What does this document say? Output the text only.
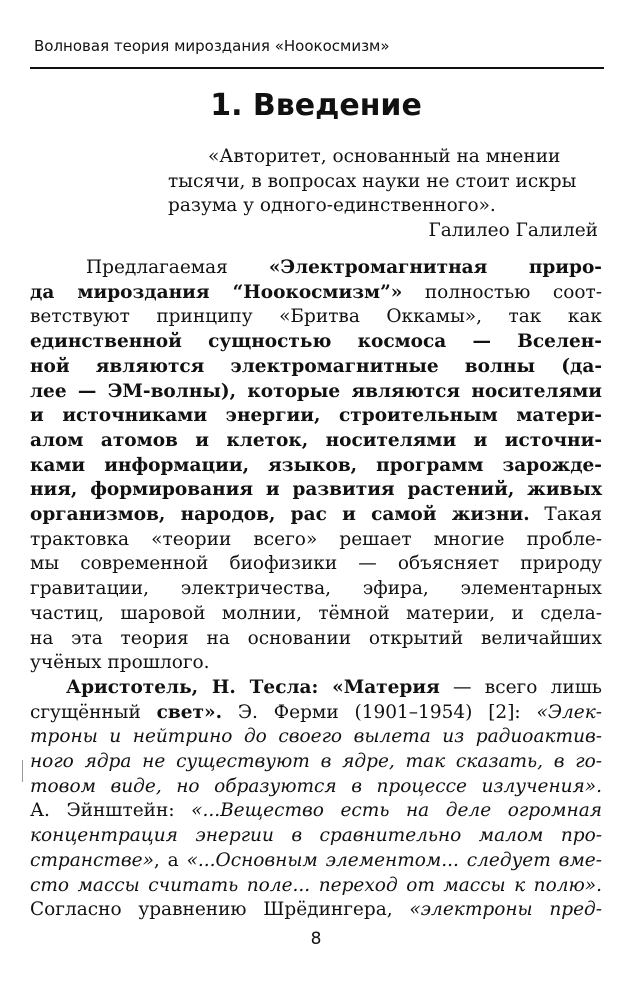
Волновая теория мироздания «Ноокосмизм»
1. Введение
«Авторитет, основанный на мнении
тысячи, в вопросах науки не стоит искры
разума у одного-единственного».
Галилео Галилей
Предлагаемая «Электромагнитная приро-
да мироздания “Ноокосмизм”» полностью соот-
ветствуют принципу «Бритва Оккамы», так как
единственной сущностью космоса — Вселен-
ной являются электромагнитные волны (да-
лее — ЭМ-волны), которые являются носителями
и источниками энергии, строительным матери-
алом атомов и клеток, носителями и источни-
ками информации, языков, программ зарожде-
ния, формирования и развития растений, живых
организмов, народов, рас и самой жизни. Такая
трактовка «теории всего» решает многие пробле-
мы современной биофизики — объясняет природу
гравитации, электричества, эфира, элементарных
частиц, шаровой молнии, тёмной материи, и сдела-
на эта теория на основании открытий величайших
учёных прошлого.
Аристотель, Н. Тесла: «Материя — всего лишь
сгущённый свет». Э. Ферми (1901–1954) [2]: «Элек-
троны и нейтрино до своего вылета из радиоактив-
ного ядра не существуют в ядре, так сказать, в го-
товом виде, но образуются в процессе излучения».
А. Эйнштейн: «...Вещество есть на деле огромная
концентрация энергии в сравнительно малом про-
странстве», а «...Основным элементом... следует вме-
сто массы считать поле... переход от массы к полю».
Согласно уравнению Шрёдингера, «электроны пред-
8
